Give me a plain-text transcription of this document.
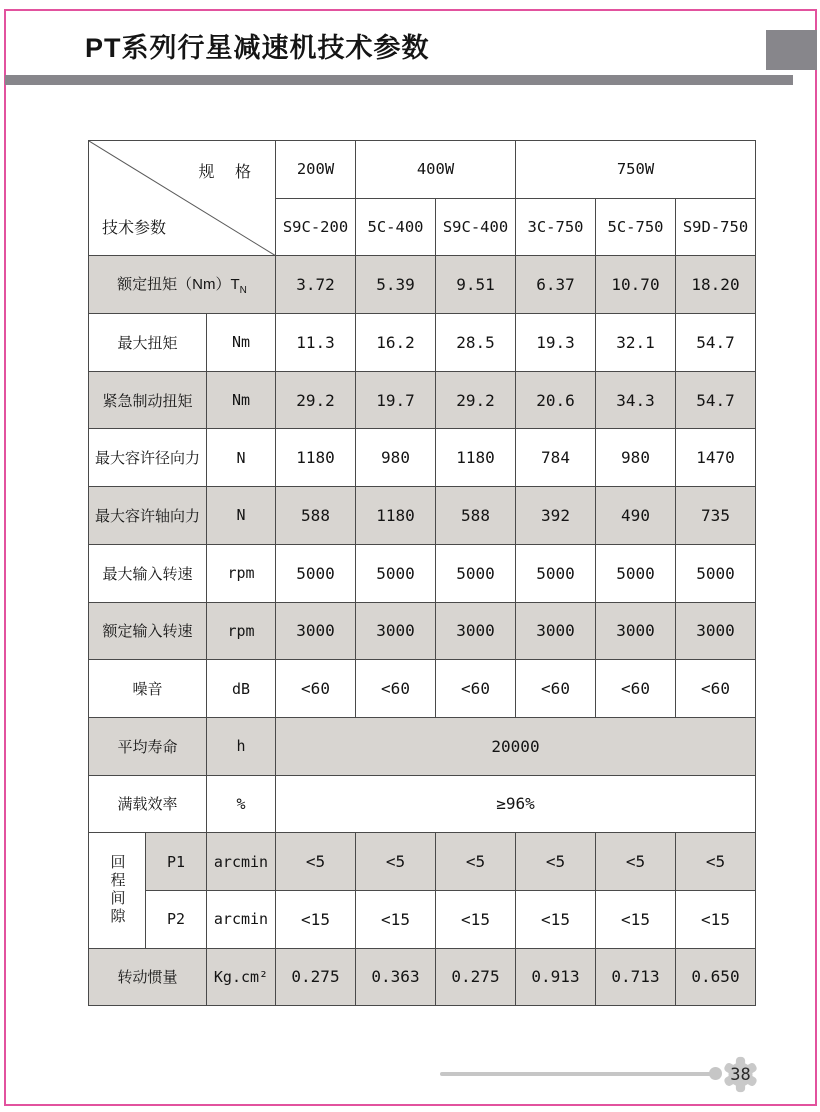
PT系列行星减速机技术参数
规 格
技术参数			200W	400W		750W		
			S9C-200	5C-400	S9C-400	3C-750	5C-750	S9D-750
额定扭矩$(Nm)T_N$			3.72	5.39	9.51	6.37	10.70	18.20
最大扭矩		Nm	11.3	16.2	28.5	19.3	32.1	54.7
紧急制动扭矩		Nm	29.2	19.7	29.2	20.6	34.3	54.7
最大容许径向力		N	1180	980	1180	784	980	1470
最大容许轴向力		N	588	1180	588	392	490	735
最大输入转速		rpm	5000	5000	5000	5000	5000	5000
额定输入转速		rpm	3000	3000	3000	3000	3000	3000
噪音		dB	<60	<60	<60	<60	<60	<60
平均寿命		h	20000					
满载效率		%	≥96%					
回程间隙	P1	arcmin	<5	<5	<5	<5	<5	<5
	P2	arcmin	<15	<15	<15	<15	<15	<15
转动惯量		Kg.cm²	0.275	0.363	0.275	0.913	0.713	0.650
38
